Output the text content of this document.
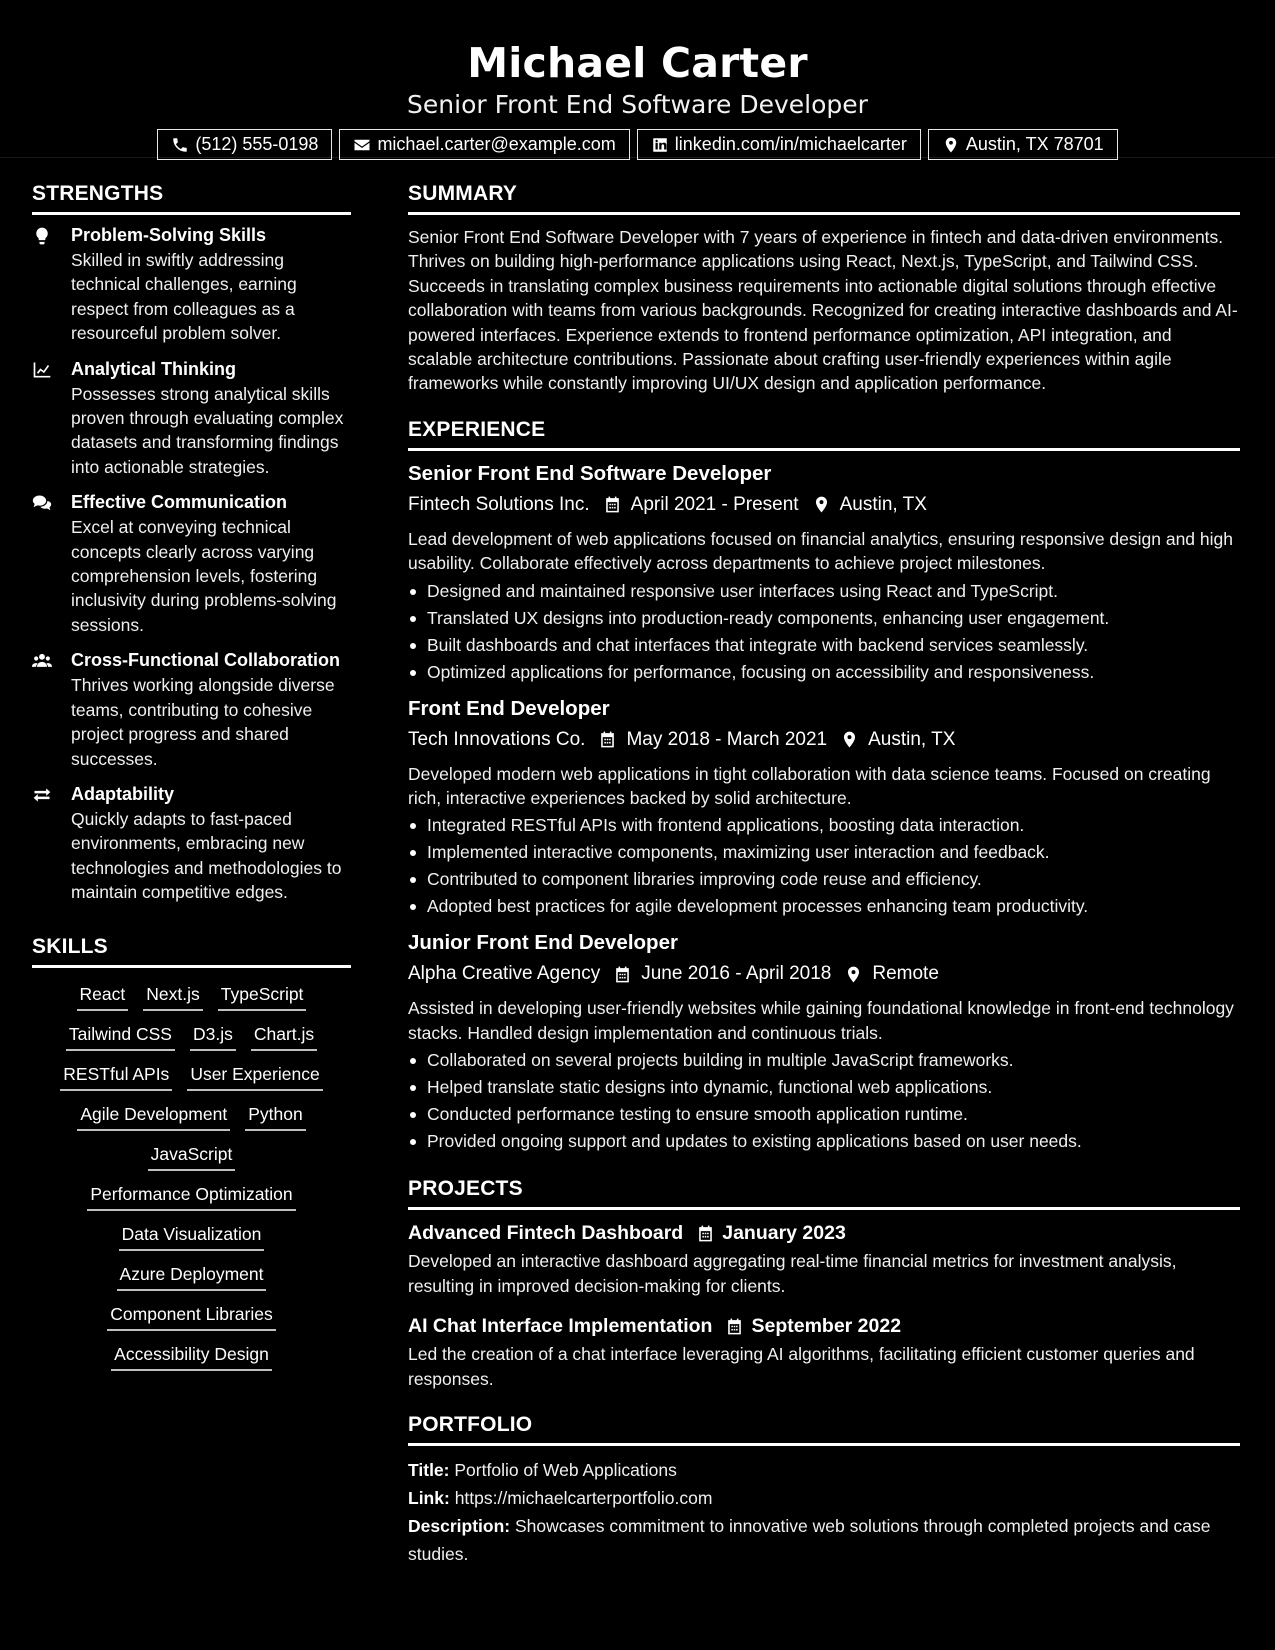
Michael Carter
Senior Front End Software Developer
(512) 555-0198	michael.carter@example.com	linkedin.com/in/michaelcarter	Austin, TX 78701
STRENGTHS
Problem-Solving Skills
Skilled in swiftly addressing technical challenges, earning respect from colleagues as a resourceful problem solver.
Analytical Thinking
Possesses strong analytical skills proven through evaluating complex datasets and transforming findings into actionable strategies.
Effective Communication
Excel at conveying technical concepts clearly across varying comprehension levels, fostering inclusivity during problems-solving sessions.
Cross-Functional Collaboration
Thrives working alongside diverse teams, contributing to cohesive project progress and shared successes.
Adaptability
Quickly adapts to fast-paced environments, embracing new technologies and methodologies to maintain competitive edges.
SKILLS
React Next.js TypeScript
Tailwind CSS D3.js Chart.js
RESTful APIs User Experience
Agile Development Python
JavaScript
Performance Optimization
Data Visualization
Azure Deployment
Component Libraries
Accessibility Design
SUMMARY
Senior Front End Software Developer with 7 years of experience in fintech and data-driven environments. Thrives on building high-performance applications using React, Next.js, TypeScript, and Tailwind CSS. Succeeds in translating complex business requirements into actionable digital solutions through effective collaboration with teams from various backgrounds. Recognized for creating interactive dashboards and AI-powered interfaces. Experience extends to frontend performance optimization, API integration, and scalable architecture contributions. Passionate about crafting user-friendly experiences within agile frameworks while constantly improving UI/UX design and application performance.
EXPERIENCE
Senior Front End Software Developer
Fintech Solutions Inc. April 2021 - Present Austin, TX
Lead development of web applications focused on financial analytics, ensuring responsive design and high usability. Collaborate effectively across departments to achieve project milestones.
Designed and maintained responsive user interfaces using React and TypeScript.
Translated UX designs into production-ready components, enhancing user engagement.
Built dashboards and chat interfaces that integrate with backend services seamlessly.
Optimized applications for performance, focusing on accessibility and responsiveness.
Front End Developer
Tech Innovations Co. May 2018 - March 2021 Austin, TX
Developed modern web applications in tight collaboration with data science teams. Focused on creating rich, interactive experiences backed by solid architecture.
Integrated RESTful APIs with frontend applications, boosting data interaction.
Implemented interactive components, maximizing user interaction and feedback.
Contributed to component libraries improving code reuse and efficiency.
Adopted best practices for agile development processes enhancing team productivity.
Junior Front End Developer
Alpha Creative Agency June 2016 - April 2018 Remote
Assisted in developing user-friendly websites while gaining foundational knowledge in front-end technology stacks. Handled design implementation and continuous trials.
Collaborated on several projects building in multiple JavaScript frameworks.
Helped translate static designs into dynamic, functional web applications.
Conducted performance testing to ensure smooth application runtime.
Provided ongoing support and updates to existing applications based on user needs.
PROJECTS
Advanced Fintech Dashboard January 2023
Developed an interactive dashboard aggregating real-time financial metrics for investment analysis, resulting in improved decision-making for clients.
AI Chat Interface Implementation September 2022
Led the creation of a chat interface leveraging AI algorithms, facilitating efficient customer queries and responses.
PORTFOLIO
Title: Portfolio of Web Applications
Link: https://michaelcarterportfolio.com
Description: Showcases commitment to innovative web solutions through completed projects and case studies.
